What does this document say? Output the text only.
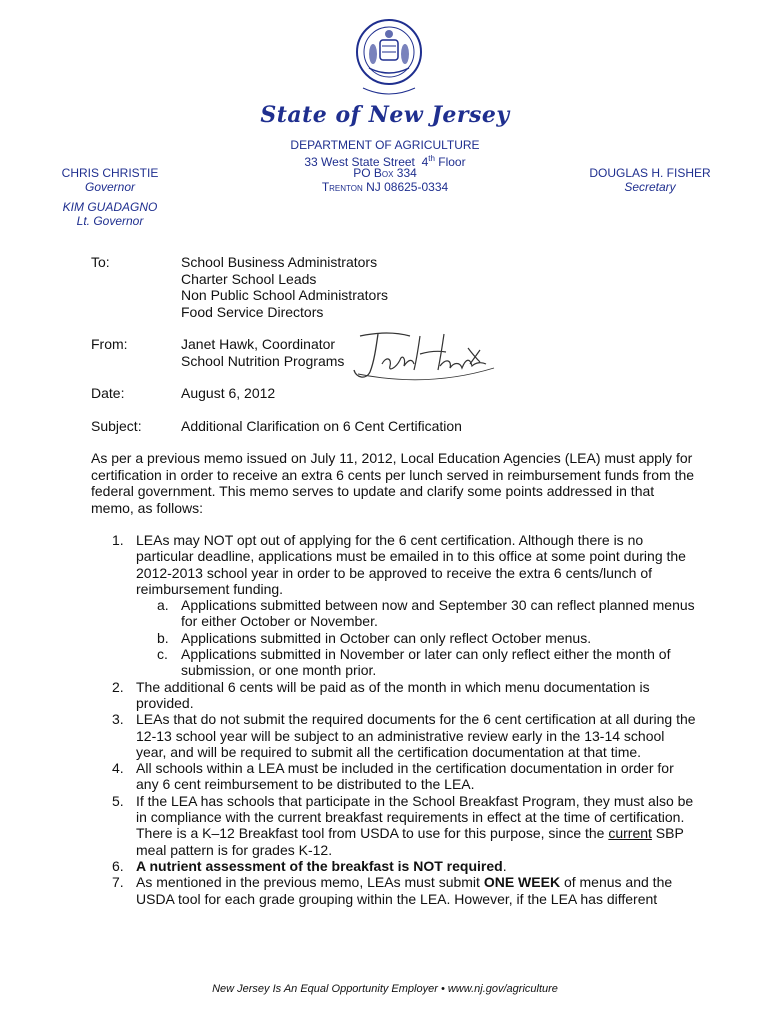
State of New Jersey
DEPARTMENT OF AGRICULTURE
33 West State Street 4th Floor
PO Box 334
Trenton NJ 08625-0334
CHRIS CHRISTIE
Governor
KIM GUADAGNO
Lt. Governor
DOUGLAS H. FISHER
Secretary
To:	School Business Administrators
Charter School Leads
Non Public School Administrators
Food Service Directors
From:	Janet Hawk, Coordinator
School Nutrition Programs
Date:	August 6, 2012
Subject:	Additional Clarification on 6 Cent Certification
As per a previous memo issued on July 11, 2012, Local Education Agencies (LEA) must apply for certification in order to receive an extra 6 cents per lunch served in reimbursement funds from the federal government. This memo serves to update and clarify some points addressed in that memo, as follows:
1. LEAs may NOT opt out of applying for the 6 cent certification. Although there is no particular deadline, applications must be emailed in to this office at some point during the 2012-2013 school year in order to be approved to receive the extra 6 cents/lunch of reimbursement funding.
a. Applications submitted between now and September 30 can reflect planned menus for either October or November.
b. Applications submitted in October can only reflect October menus.
c. Applications submitted in November or later can only reflect either the month of submission, or one month prior.
2. The additional 6 cents will be paid as of the month in which menu documentation is provided.
3. LEAs that do not submit the required documents for the 6 cent certification at all during the 12-13 school year will be subject to an administrative review early in the 13-14 school year, and will be required to submit all the certification documentation at that time.
4. All schools within a LEA must be included in the certification documentation in order for any 6 cent reimbursement to be distributed to the LEA.
5. If the LEA has schools that participate in the School Breakfast Program, they must also be in compliance with the current breakfast requirements in effect at the time of certification. There is a K–12 Breakfast tool from USDA to use for this purpose, since the current SBP meal pattern is for grades K-12.
6. A nutrient assessment of the breakfast is NOT required.
7. As mentioned in the previous memo, LEAs must submit ONE WEEK of menus and the USDA tool for each grade grouping within the LEA. However, if the LEA has different
New Jersey Is An Equal Opportunity Employer • www.nj.gov/agriculture
